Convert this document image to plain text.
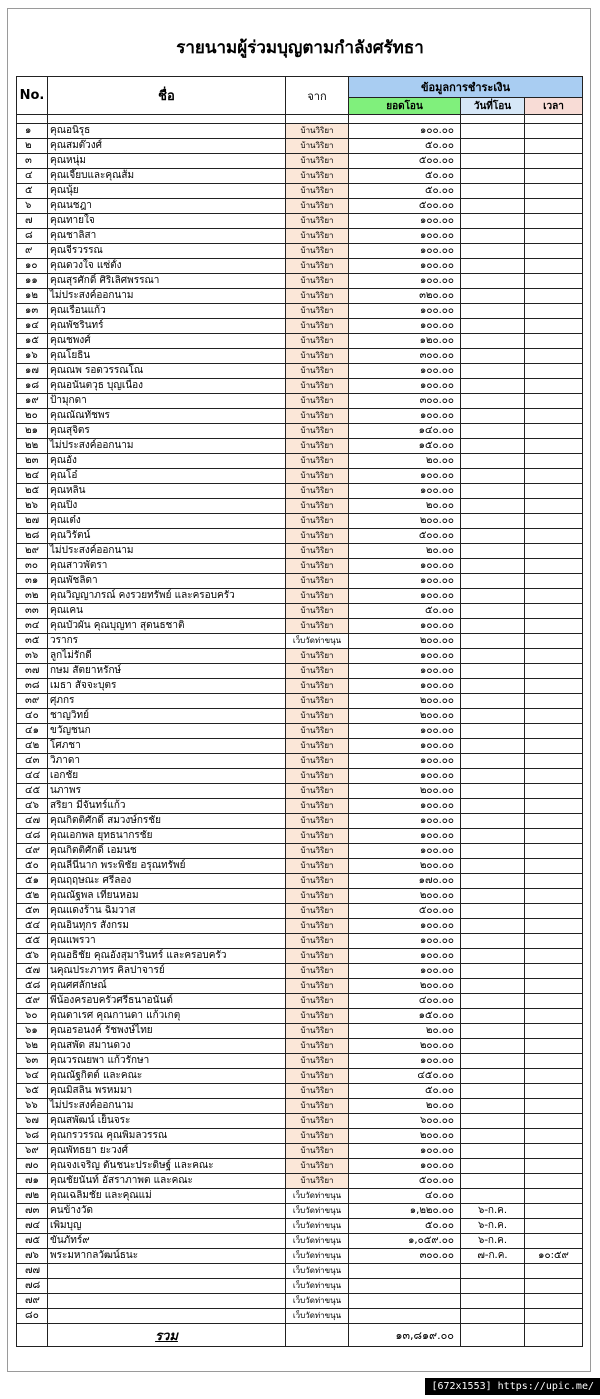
รายนามผู้ร่วมบุญตามกำลังศรัทธา
No.	ชื่อ	จาก	ข้อมูลการชำระเงิน		
			ยอดโอน	วันที่โอน	เวลา

๑	คุณอนิรุธ	บ้านวิริยา	๑๐๐.๐๐		
๒	คุณสมต๊วงศ์	บ้านวิริยา	๕๐.๐๐		
๓	คุณหนุ่ม	บ้านวิริยา	๕๐๐.๐๐		
๔	คุณเจี๊ยบและคุณส้ม	บ้านวิริยา	๕๐.๐๐		
๕	คุณนุ้ย	บ้านวิริยา	๕๐.๐๐		
๖	คุณนชฎา	บ้านวิริยา	๕๐๐.๐๐		
๗	คุณทายใจ	บ้านวิริยา	๑๐๐.๐๐		
๘	คุณชาลิสา	บ้านวิริยา	๑๐๐.๐๐		
๙	คุณจีรวรรณ	บ้านวิริยา	๑๐๐.๐๐		
๑๐	คุณดวงใจ แซ่ตั้ง	บ้านวิริยา	๑๐๐.๐๐		
๑๑	คุณสุรศักดิ์ ศิริเลิศพรรณา	บ้านวิริยา	๑๐๐.๐๐		
๑๒	ไม่ประสงค์ออกนาม	บ้านวิริยา	๓๒๐.๐๐		
๑๓	คุณเรือนแก้ว	บ้านวิริยา	๑๐๐.๐๐		
๑๔	คุณพัชรินทร์	บ้านวิริยา	๑๐๐.๐๐		
๑๕	คุณชพงศ์	บ้านวิริยา	๑๒๐.๐๐		
๑๖	คุณโยธิน	บ้านวิริยา	๓๐๐.๐๐		
๑๗	คุณณพ รอดวรรณโณ	บ้านวิริยา	๑๐๐.๐๐		
๑๘	คุณอนันตวุธ บุญเนื่อง	บ้านวิริยา	๑๐๐.๐๐		
๑๙	ป้ามุกดา	บ้านวิริยา	๓๐๐.๐๐		
๒๐	คุณณัณทัชพร	บ้านวิริยา	๑๐๐.๐๐		
๒๑	คุณสุจิตร	บ้านวิริยา	๑๔๐.๐๐		
๒๒	ไม่ประสงค์ออกนาม	บ้านวิริยา	๑๕๐.๐๐		
๒๓	คุณอั๋ง	บ้านวิริยา	๒๐.๐๐		
๒๔	คุณโอ๋	บ้านวิริยา	๑๐๐.๐๐		
๒๕	คุณหลิน	บ้านวิริยา	๑๐๐.๐๐		
๒๖	คุณปิ๋ง	บ้านวิริยา	๒๐.๐๐		
๒๗	คุณเต๋ง	บ้านวิริยา	๒๐๐.๐๐		
๒๘	คุณวิรัตน์	บ้านวิริยา	๕๐๐.๐๐		
๒๙	ไม่ประสงค์ออกนาม	บ้านวิริยา	๒๐.๐๐		
๓๐	คุณสาวพัตรา	บ้านวิริยา	๑๐๐.๐๐		
๓๑	คุณพัชลิดา	บ้านวิริยา	๑๐๐.๐๐		
๓๒	คุณวิญญาภรณ์ คงรวยทรัพย์ และครอบครัว	บ้านวิริยา	๑๐๐.๐๐		
๓๓	คุณเคน	บ้านวิริยา	๕๐.๐๐		
๓๔	คุณบัวผัน คุณบุญทา สุดนธชาติ	บ้านวิริยา	๑๐๐.๐๐		
๓๕	วรากร	เว็บวัดท่าขนุน	๒๐๐.๐๐		
๓๖	ลูกไม่รักดี	บ้านวิริยา	๑๐๐.๐๐		
๓๗	กษม สัตยาหรักษ์	บ้านวิริยา	๑๐๐.๐๐		
๓๘	เมธา สัจจะบุตร	บ้านวิริยา	๑๐๐.๐๐		
๓๙	ศุภกร	บ้านวิริยา	๒๐๐.๐๐		
๔๐	ชาญวิทย์	บ้านวิริยา	๒๐๐.๐๐		
๔๑	ขวัญชนก	บ้านวิริยา	๑๐๐.๐๐		
๔๒	โศภชา	บ้านวิริยา	๑๐๐.๐๐		
๔๓	วิภาดา	บ้านวิริยา	๑๐๐.๐๐		
๔๔	เอกชัย	บ้านวิริยา	๑๐๐.๐๐		
๔๕	นภาพร	บ้านวิริยา	๒๐๐.๐๐		
๔๖	สริยา มีจันทร์แก้ว	บ้านวิริยา	๑๐๐.๐๐		
๔๗	คุณกิตติศักดิ์ สมวงษ์กรชัย	บ้านวิริยา	๑๐๐.๐๐		
๔๘	คุณเอกพล ยุทธนากรชัย	บ้านวิริยา	๑๐๐.๐๐		
๔๙	คุณกิตติศักดิ์ เอมนช	บ้านวิริยา	๑๐๐.๐๐		
๕๐	คุณลีนีนาก พระพิชัย อรุณทรัพย์	บ้านวิริยา	๒๐๐.๐๐		
๕๑	คุณฤฤษณะ ศรีลอง	บ้านวิริยา	๑๗๐.๐๐		
๕๒	คุณณัฐพล เทียนหอม	บ้านวิริยา	๒๐๐.๐๐		
๕๓	คุณแดงร้าน ฉิมวาส	บ้านวิริยา	๕๐๐.๐๐		
๕๔	คุณอินทุกร สังกรม	บ้านวิริยา	๑๐๐.๐๐		
๕๕	คุณแพรวา	บ้านวิริยา	๑๐๐.๐๐		
๕๖	คุณอธิชัย คุณอังสุมารินทร์ และครอบครัว	บ้านวิริยา	๑๐๐.๐๐		
๕๗	นคุณประภาทร คิลปาจารย์	บ้านวิริยา	๑๐๐.๐๐		
๕๘	คุณศศลักษณ์	บ้านวิริยา	๒๐๐.๐๐		
๕๙	พี่น้องครอบครัวศรีธนาอนันต์	บ้านวิริยา	๔๐๐.๐๐		
๖๐	คุณดาเรศ คุณกานดา แก้วเกตุ	บ้านวิริยา	๑๕๐.๐๐		
๖๑	คุณอรอนงค์ รัชพงษ์ไทย	บ้านวิริยา	๒๐.๐๐		
๖๒	คุณสพัด สมานดวง	บ้านวิริยา	๒๐๐.๐๐		
๖๓	คุณวรณยพา แก้วรักษา	บ้านวิริยา	๑๐๐.๐๐		
๖๔	คุณณัฐกิตต์ และคณะ	บ้านวิริยา	๔๕๐.๐๐		
๖๕	คุณมิสลิน พรหมมา	บ้านวิริยา	๕๐.๐๐		
๖๖	ไม่ประสงค์ออกนาม	บ้านวิริยา	๒๐.๐๐		
๖๗	คุณสพัฒน์ เย็นจระ	บ้านวิริยา	๖๐๐.๐๐		
๖๘	คุณกรวรรณ คุณพิมลวรรณ	บ้านวิริยา	๒๐๐.๐๐		
๖๙	คุณพัทธยา ยะวงศ์	บ้านวิริยา	๑๐๐.๐๐		
๗๐	คุณจงเจริญ ตันชนะประดิษฐ์ และคณะ	บ้านวิริยา	๑๐๐.๐๐		
๗๑	คุณชัยนันท์ อัสราภาพต และคณะ	บ้านวิริยา	๕๐๐.๐๐		
๗๒	คุณเฉลิมชัย และคุณแม่	เว็บวัดท่าขนุน	๔๐.๐๐		
๗๓	คนข้างวัด	เว็บวัดท่าขนุน	๑,๒๒๐.๐๐	๖-ก.ค.	
๗๔	เพิ่มบุญ	เว็บวัดท่าขนุน	๕๐.๐๐	๖-ก.ค.	
๗๕	ขันภัทร์๙	เว็บวัดท่าขนุน	๑,๐๕๙.๐๐	๖-ก.ค.	
๗๖	พระมหากลวัฒน์ธนะ	เว็บวัดท่าขนุน	๓๐๐.๐๐	๗-ก.ค.	๑๐:๕๙
๗๗		เว็บวัดท่าขนุน			
๗๘		เว็บวัดท่าขนุน			
๗๙		เว็บวัดท่าขนุน			
๘๐		เว็บวัดท่าขนุน			
	รวม		๑๓,๘๑๙.๐๐		
[672x1553] https://upic.me/
